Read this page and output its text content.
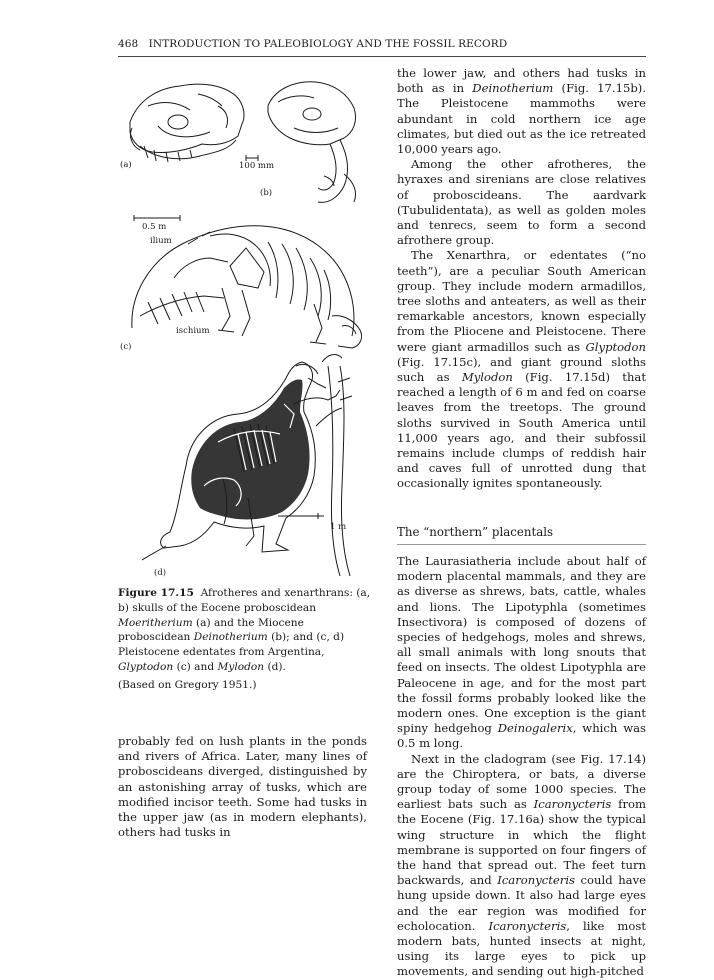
468 INTRODUCTION TO PALEOBIOLOGY AND THE FOSSIL RECORD
(a)	100 mm
(b)
0.5 m
ilium
ischium
(c)
1 m
(d)

Figure 17.15 Afrotheres and xenarthrans: (a, b) skulls of the Eocene proboscidean Moeritherium (a) and the Miocene proboscidean Deinotherium (b); and (c, d) Pleistocene edentates from Argentina, Glyptodon (c) and Mylodon (d).

(Based on Gregory 1951.)

probably fed on lush plants in the ponds and rivers of Africa. Later, many lines of proboscideans diverged, distinguished by an astonishing array of tusks, which are modified incisor teeth. Some had tusks in the upper jaw (as in modern elephants), others had tusks in

the lower jaw, and others had tusks in both as in Deinotherium (Fig. 17.15b). The Pleistocene mammoths were abundant in cold northern ice age climates, but died out as the ice retreated 10,000 years ago.

Among the other afrotheres, the hyraxes and sirenians are close relatives of proboscideans. The aardvark (Tubulidentata), as well as golden moles and tenrecs, seem to form a second afrothere group.

The Xenarthra, or edentates (“no teeth”), are a peculiar South American group. They include modern armadillos, tree sloths and anteaters, as well as their remarkable ancestors, known especially from the Pliocene and Pleistocene. There were giant armadillos such as Glyptodon (Fig. 17.15c), and giant ground sloths such as Mylodon (Fig. 17.15d) that reached a length of 6 m and fed on coarse leaves from the treetops. The ground sloths survived in South America until 11,000 years ago, and their subfossil remains include clumps of reddish hair and caves full of unrotted dung that occasionally ignites spontaneously.

The “northern” placentals

The Laurasiatheria include about half of modern placental mammals, and they are as diverse as shrews, bats, cattle, whales and lions. The Lipotyphla (sometimes Insectivora) is composed of dozens of species of hedgehogs, moles and shrews, all small animals with long snouts that feed on insects. The oldest Lipotyphla are Paleocene in age, and for the most part the fossil forms probably looked like the modern ones. One exception is the giant spiny hedgehog Deinogalerix, which was 0.5 m long.

Next in the cladogram (see Fig. 17.14) are the Chiroptera, or bats, a diverse group today of some 1000 species. The earliest bats such as Icaronycteris from the Eocene (Fig. 17.16a) show the typical wing structure in which the flight membrane is supported on four fingers of the hand that spread out. The feet turn backwards, and Icaronycteris could have hung upside down. It also had large eyes and the ear region was modified for echolocation. Icaronycteris, like most modern bats, hunted insects at night, using its large eyes to pick up movements, and sending out high-pitched
